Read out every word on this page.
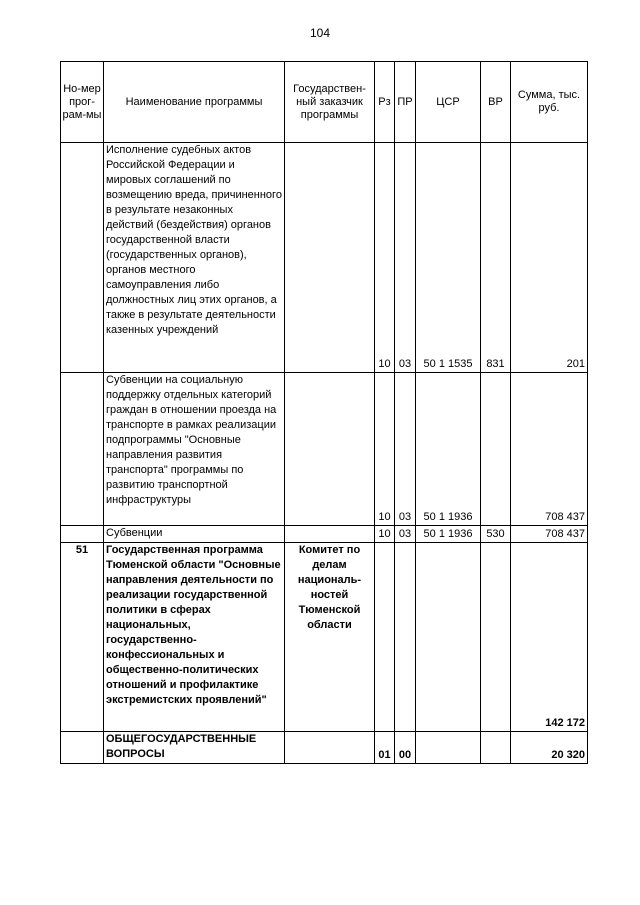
104
Но-мер прог-рам-мы	Наименование программы	Государствен-ный заказчик программы	Рз	ПР	ЦСР	ВР	Сумма, тыс. руб.
	Исполнение судебных актов Российской Федерации и мировых соглашений по возмещению вреда, причиненного в результате незаконных действий (бездействия) органов государственной власти (государственных органов), органов местного самоуправления либо должностных лиц этих органов, а также в результате деятельности казенных учреждений		10	03	50 1 1535	831	201
	Субвенции на социальную поддержку отдельных категорий граждан в отношении проезда на транспорте в рамках реализации подпрограммы "Основные направления развития транспорта" программы по развитию транспортной инфраструктуры		10	03	50 1 1936		708 437
	Субвенции		10	03	50 1 1936	530	708 437
51	Государственная программа Тюменской области "Основные направления деятельности по реализации государственной политики в сферах национальных, государственно-конфессиональных и общественно-политических отношений и профилактике экстремистских проявлений"	Комитет по делам националь-ностей Тюменской области					142 172
	ОБЩЕГОСУДАРСТВЕННЫЕ ВОПРОСЫ		01	00			20 320
